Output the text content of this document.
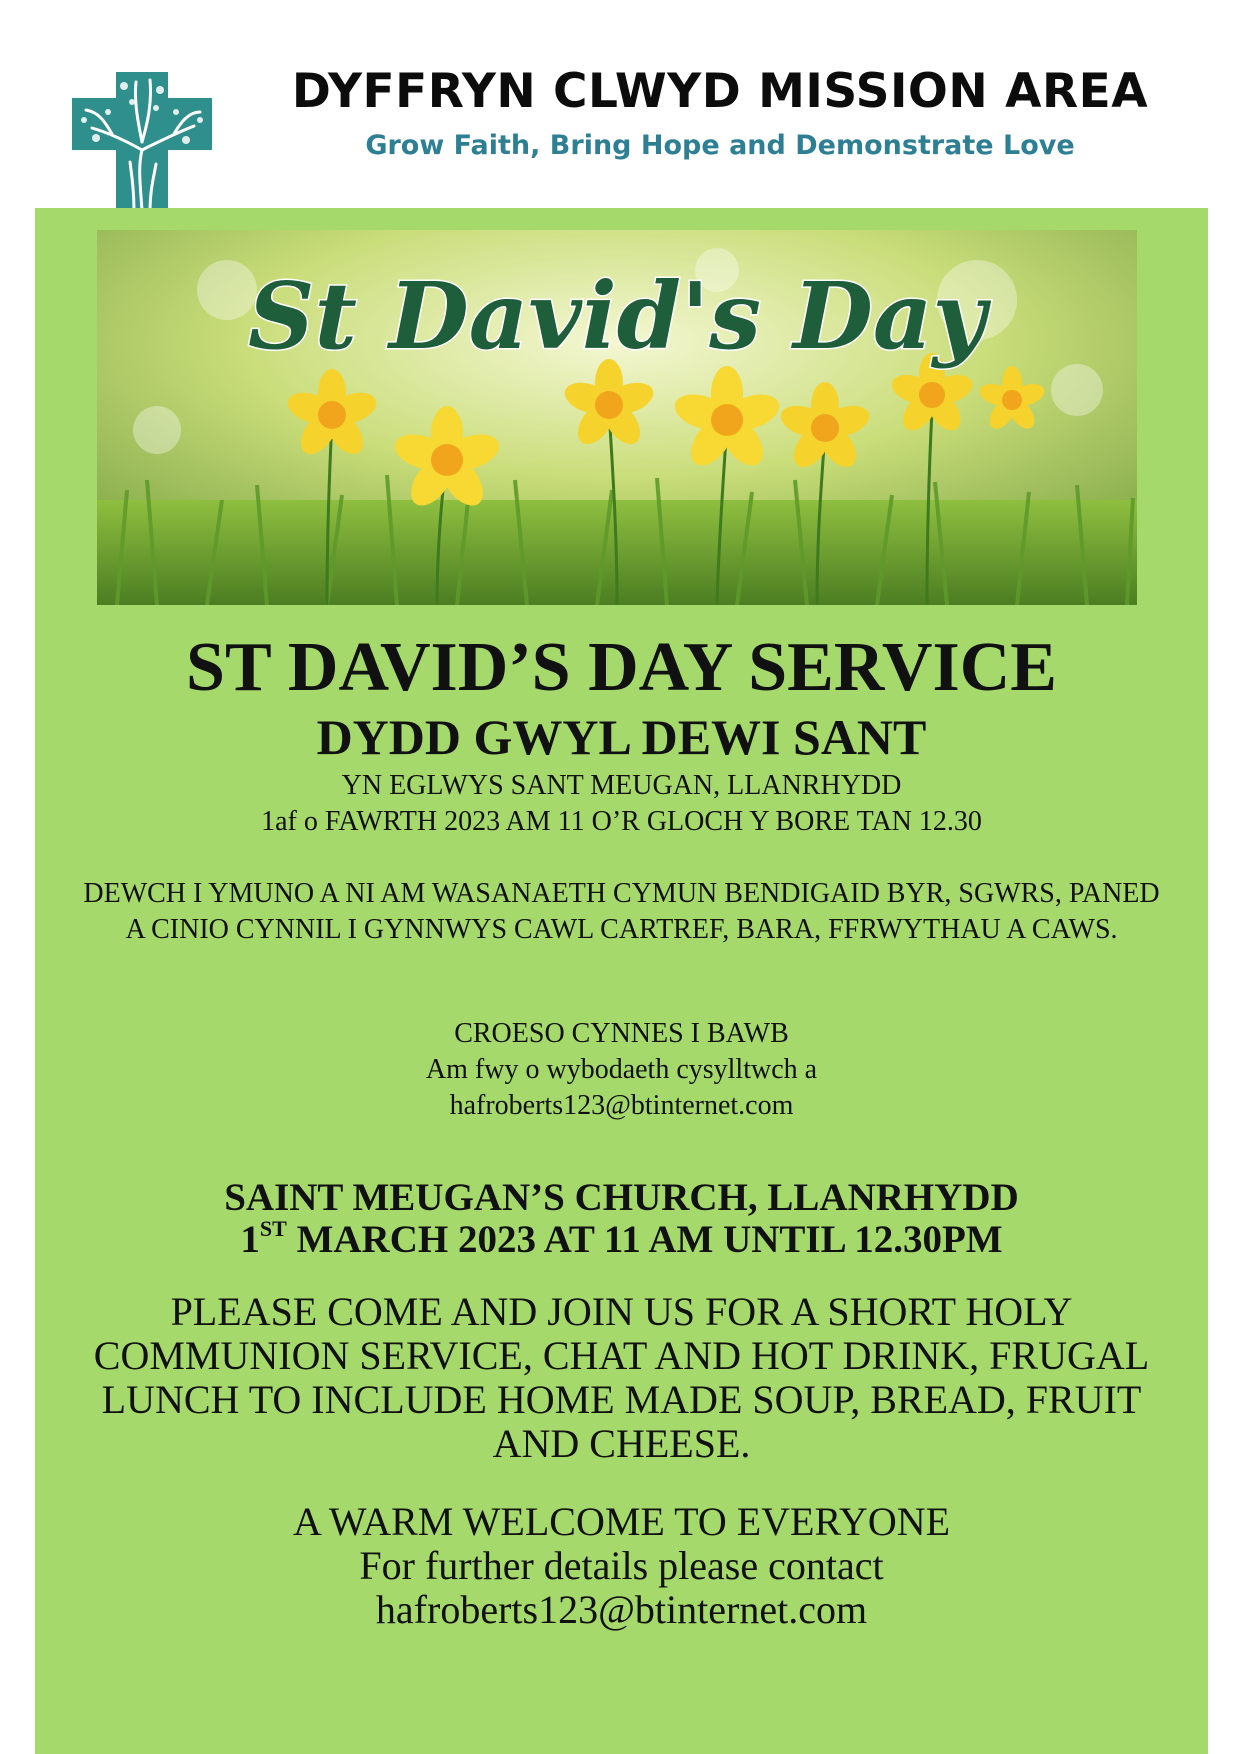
DYFFRYN CLWYD MISSION AREA
Grow Faith, Bring Hope and Demonstrate Love
St David's Day
ST DAVID’S DAY SERVICE
DYDD GWYL DEWI SANT
YN EGLWYS SANT MEUGAN, LLANRHYDD
1af o FAWRTH 2023 AM 11 O’R GLOCH Y BORE TAN 12.30
DEWCH I YMUNO A NI AM WASANAETH CYMUN BENDIGAID BYR, SGWRS, PANED A CINIO CYNNIL I GYNNWYS CAWL CARTREF, BARA, FFRWYTHAU A CAWS.
CROESO CYNNES I BAWB
Am fwy o wybodaeth cysylltwch a
hafroberts123@btinternet.com
SAINT MEUGAN’S CHURCH, LLANRHYDD
1ST MARCH 2023 AT 11 AM UNTIL 12.30PM
PLEASE COME AND JOIN US FOR A SHORT HOLY COMMUNION SERVICE, CHAT AND HOT DRINK, FRUGAL LUNCH TO INCLUDE HOME MADE SOUP, BREAD, FRUIT AND CHEESE.
A WARM WELCOME TO EVERYONE
For further details please contact
hafroberts123@btinternet.com
